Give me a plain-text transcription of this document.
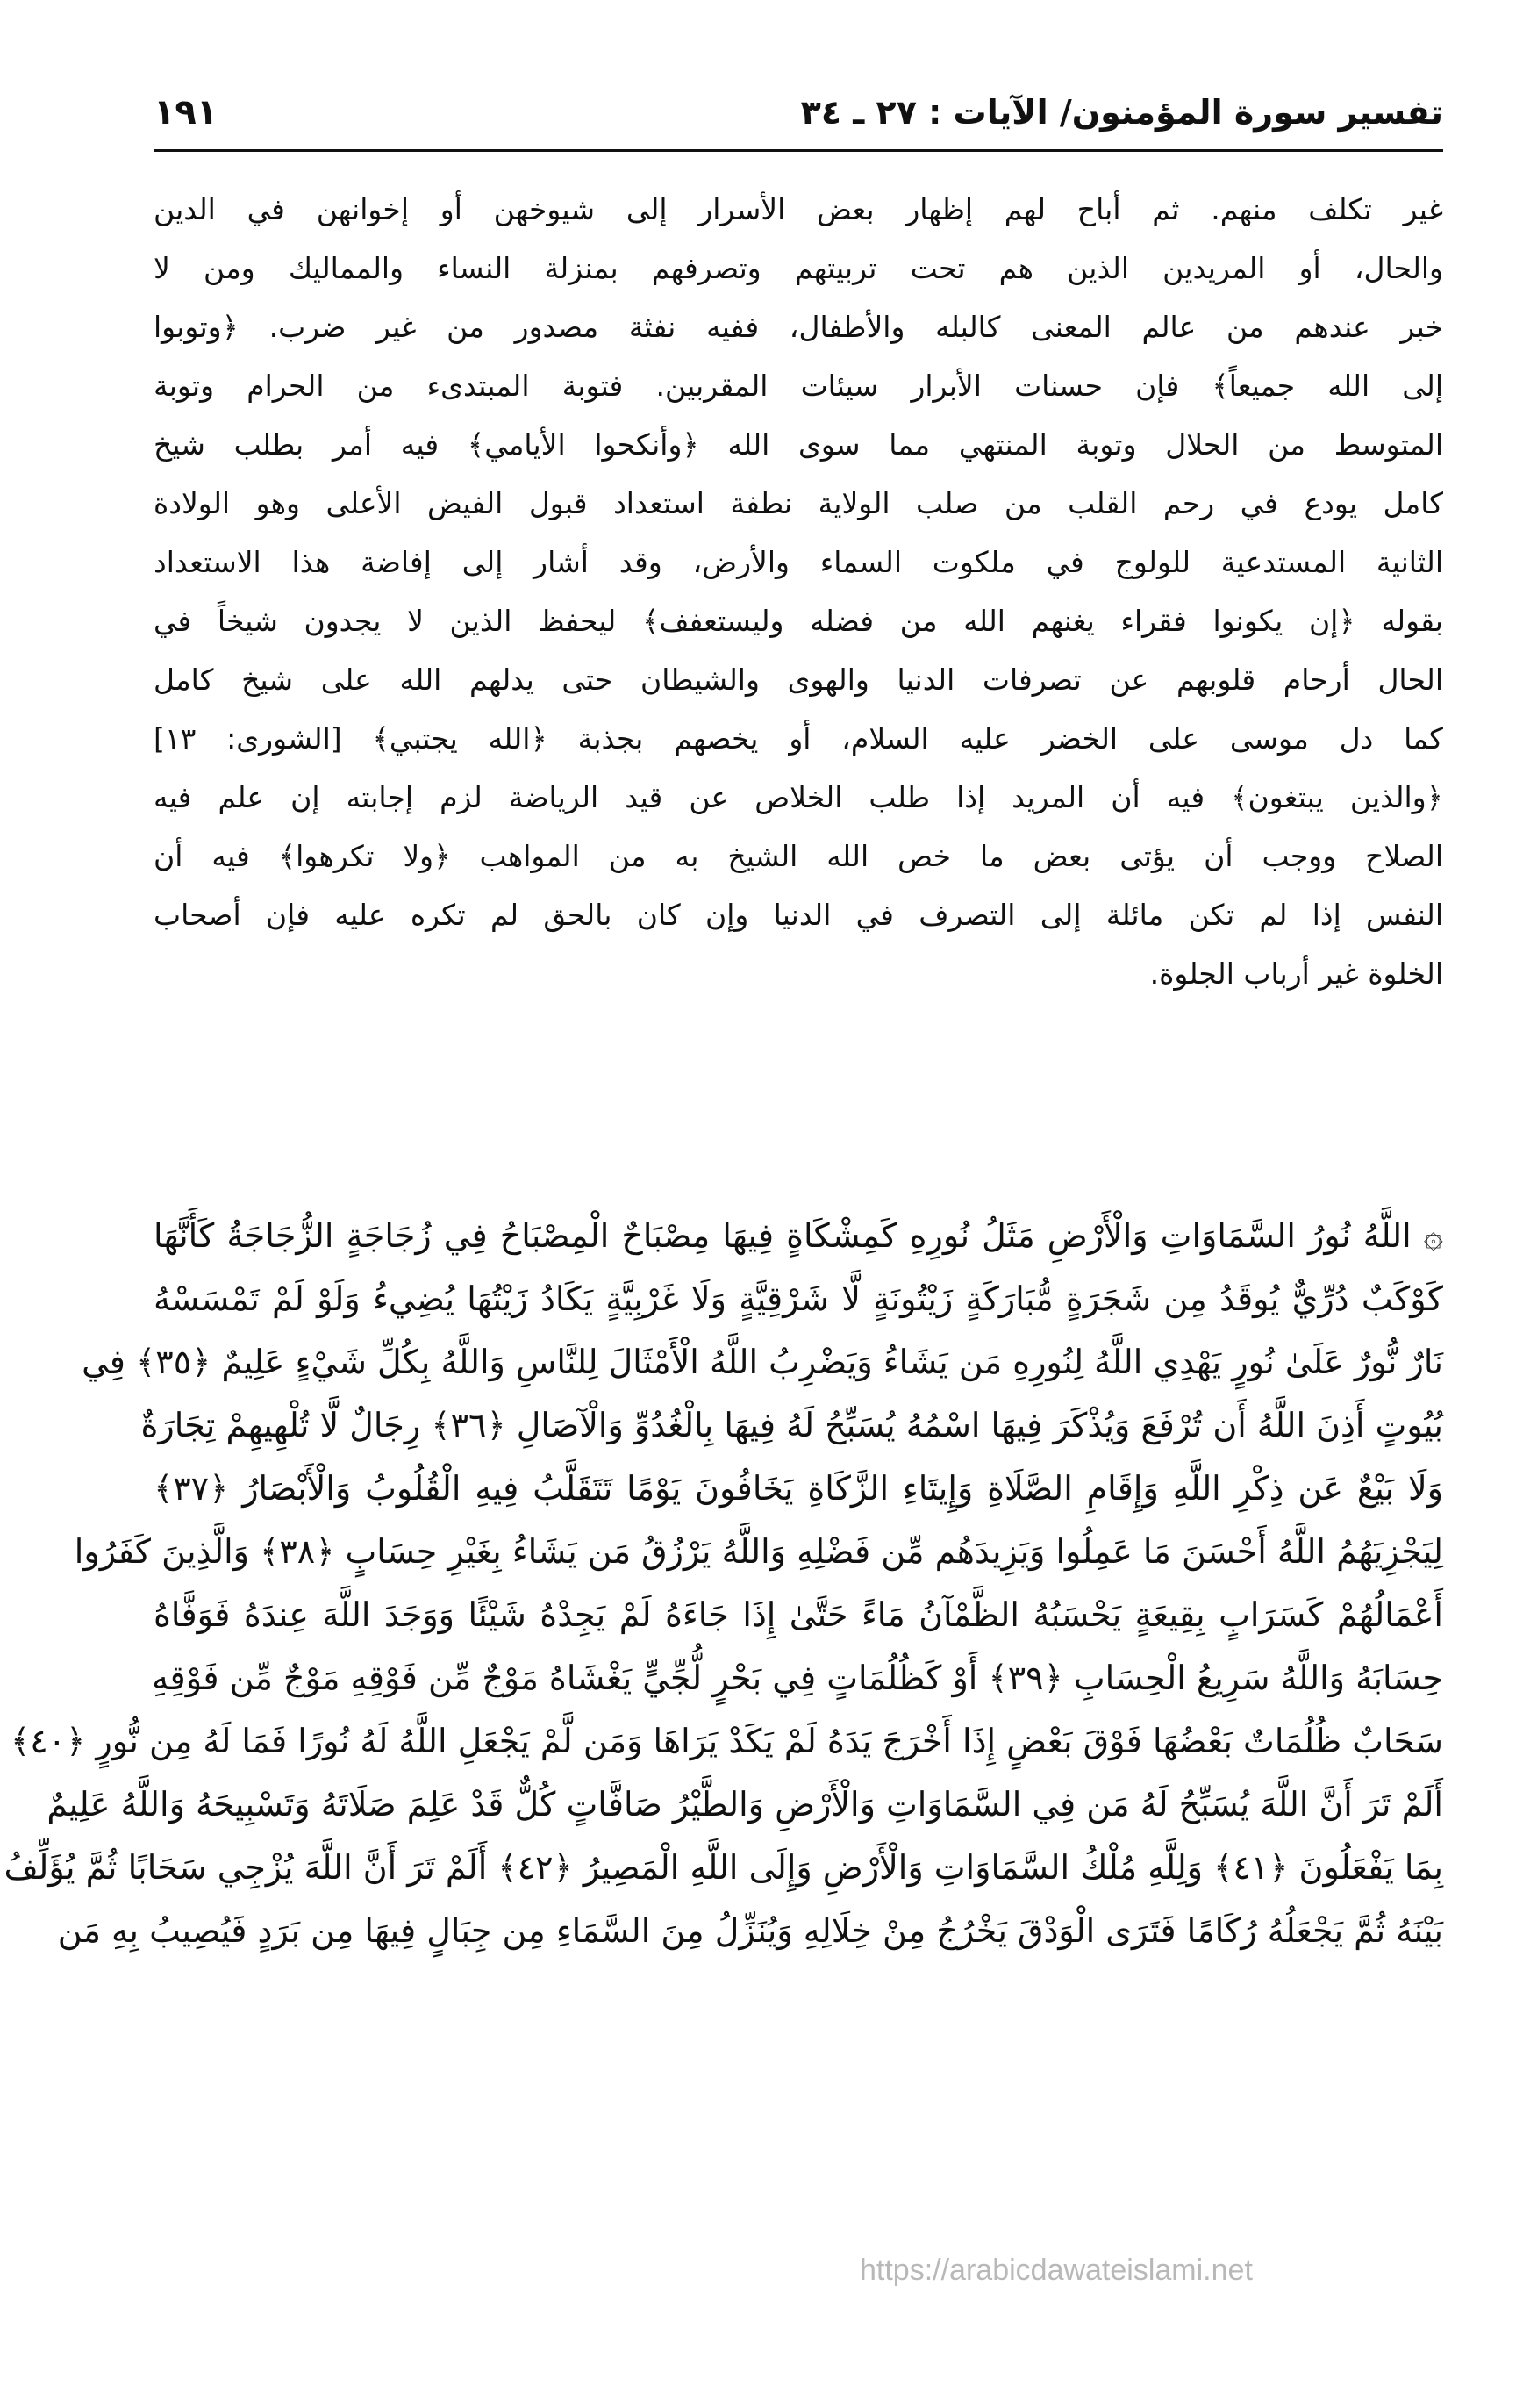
تفسير سورة المؤمنون/ الآيات : ٢٧ ـ ٣٤
١٩١
غير تكلف منهم. ثم أباح لهم إظهار بعض الأسرار إلى شيوخهن أو إخوانهن في الدين
والحال، أو المريدين الذين هم تحت تربيتهم وتصرفهم بمنزلة النساء والمماليك ومن لا
خبر عندهم من عالم المعنى كالبله والأطفال، ففيه نفثة مصدور من غير ضرب. ﴿وتوبوا
إلى الله جميعاً﴾ فإن حسنات الأبرار سيئات المقربين. فتوبة المبتدىء من الحرام وتوبة
المتوسط من الحلال وتوبة المنتهي مما سوى الله ﴿وأنكحوا الأيامي﴾ فيه أمر بطلب شيخ
كامل يودع في رحم القلب من صلب الولاية نطفة استعداد قبول الفيض الأعلى وهو الولادة
الثانية المستدعية للولوج في ملكوت السماء والأرض، وقد أشار إلى إفاضة هذا الاستعداد
بقوله ﴿إن يكونوا فقراء يغنهم الله من فضله وليستعفف﴾ ليحفظ الذين لا يجدون شيخاً في
الحال أرحام قلوبهم عن تصرفات الدنيا والهوى والشيطان حتى يدلهم الله على شيخ كامل
كما دل موسى على الخضر عليه السلام، أو يخصهم بجذبة ﴿الله يجتبي﴾ [الشورى: ١٣]
﴿والذين يبتغون﴾ فيه أن المريد إذا طلب الخلاص عن قيد الرياضة لزم إجابته إن علم فيه
الصلاح ووجب أن يؤتى بعض ما خص الله الشيخ به من المواهب ﴿ولا تكرهوا﴾ فيه أن
النفس إذا لم تكن مائلة إلى التصرف في الدنيا وإن كان بالحق لم تكره عليه فإن أصحاب
الخلوة غير أرباب الجلوة.
۞ اللَّهُ نُورُ السَّمَاوَاتِ وَالْأَرْضِ مَثَلُ نُورِهِ كَمِشْكَاةٍ فِيهَا مِصْبَاحٌ الْمِصْبَاحُ فِي زُجَاجَةٍ الزُّجَاجَةُ كَأَنَّهَا
كَوْكَبٌ دُرِّيٌّ يُوقَدُ مِن شَجَرَةٍ مُّبَارَكَةٍ زَيْتُونَةٍ لَّا شَرْقِيَّةٍ وَلَا غَرْبِيَّةٍ يَكَادُ زَيْتُهَا يُضِيءُ وَلَوْ لَمْ تَمْسَسْهُ
نَارٌ نُّورٌ عَلَىٰ نُورٍ يَهْدِي اللَّهُ لِنُورِهِ مَن يَشَاءُ وَيَضْرِبُ اللَّهُ الْأَمْثَالَ لِلنَّاسِ وَاللَّهُ بِكُلِّ شَيْءٍ عَلِيمٌ ﴿٣٥﴾ فِي
بُيُوتٍ أَذِنَ اللَّهُ أَن تُرْفَعَ وَيُذْكَرَ فِيهَا اسْمُهُ يُسَبِّحُ لَهُ فِيهَا بِالْغُدُوِّ وَالْآصَالِ ﴿٣٦﴾ رِجَالٌ لَّا تُلْهِيهِمْ تِجَارَةٌ
وَلَا بَيْعٌ عَن ذِكْرِ اللَّهِ وَإِقَامِ الصَّلَاةِ وَإِيتَاءِ الزَّكَاةِ يَخَافُونَ يَوْمًا تَتَقَلَّبُ فِيهِ الْقُلُوبُ وَالْأَبْصَارُ ﴿٣٧﴾
لِيَجْزِيَهُمُ اللَّهُ أَحْسَنَ مَا عَمِلُوا وَيَزِيدَهُم مِّن فَضْلِهِ وَاللَّهُ يَرْزُقُ مَن يَشَاءُ بِغَيْرِ حِسَابٍ ﴿٣٨﴾ وَالَّذِينَ كَفَرُوا
أَعْمَالُهُمْ كَسَرَابٍ بِقِيعَةٍ يَحْسَبُهُ الظَّمْآنُ مَاءً حَتَّىٰ إِذَا جَاءَهُ لَمْ يَجِدْهُ شَيْئًا وَوَجَدَ اللَّهَ عِندَهُ فَوَفَّاهُ
حِسَابَهُ وَاللَّهُ سَرِيعُ الْحِسَابِ ﴿٣٩﴾ أَوْ كَظُلُمَاتٍ فِي بَحْرٍ لُّجِّيٍّ يَغْشَاهُ مَوْجٌ مِّن فَوْقِهِ مَوْجٌ مِّن فَوْقِهِ
سَحَابٌ ظُلُمَاتٌ بَعْضُهَا فَوْقَ بَعْضٍ إِذَا أَخْرَجَ يَدَهُ لَمْ يَكَدْ يَرَاهَا وَمَن لَّمْ يَجْعَلِ اللَّهُ لَهُ نُورًا فَمَا لَهُ مِن نُّورٍ ﴿٤٠﴾
أَلَمْ تَرَ أَنَّ اللَّهَ يُسَبِّحُ لَهُ مَن فِي السَّمَاوَاتِ وَالْأَرْضِ وَالطَّيْرُ صَافَّاتٍ كُلٌّ قَدْ عَلِمَ صَلَاتَهُ وَتَسْبِيحَهُ وَاللَّهُ عَلِيمٌ
بِمَا يَفْعَلُونَ ﴿٤١﴾ وَلِلَّهِ مُلْكُ السَّمَاوَاتِ وَالْأَرْضِ وَإِلَى اللَّهِ الْمَصِيرُ ﴿٤٢﴾ أَلَمْ تَرَ أَنَّ اللَّهَ يُزْجِي سَحَابًا ثُمَّ يُؤَلِّفُ
بَيْنَهُ ثُمَّ يَجْعَلُهُ رُكَامًا فَتَرَى الْوَدْقَ يَخْرُجُ مِنْ خِلَالِهِ وَيُنَزِّلُ مِنَ السَّمَاءِ مِن جِبَالٍ فِيهَا مِن بَرَدٍ فَيُصِيبُ بِهِ مَن
https://arabicdawateislami.net
